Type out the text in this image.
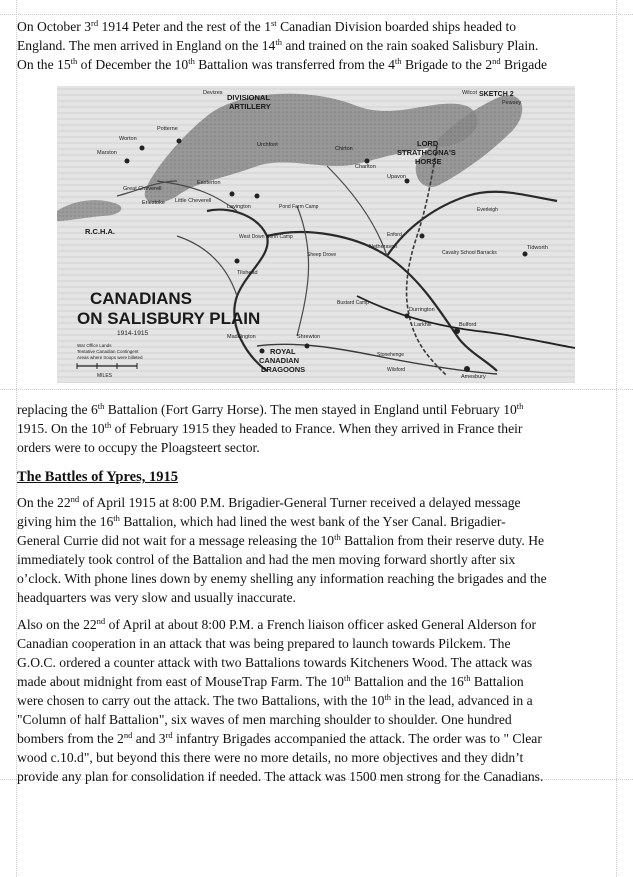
On October 3rd 1914 Peter and the rest of the 1st Canadian Division boarded ships headed to
England. The men arrived in England on the 14th and trained on the rain soaked Salisbury Plain.
On the 15th of December the 10th Battalion was transferred from the 4th Brigade to the 2nd Brigade
DIVISIONAL
ARTILLERY
SKETCH 2
LORD
STRATHCONA'S
HORSE
R.C.H.A.
ROYAL
CANADIAN
DRAGOONS
Devizes
Pewsey
Wilcot
Potterne
Worton
Marston
Easterton
Chirton
Charlton
Urchfont
Upavon
Great Cheverell
Little Cheverell
Erlestoke
Lavington
Tilshead
West Down North Camp
Pond Farm Camp
Bustard Camp
Netheravon
Cavalry School Barracks
Durrington
Larkhill	Bulford
Amesbury
Maddington	Shrewton
Tidworth
Enford
Stonehenge
Wilsford
Everleigh
Sheep Drove
CANADIANS
ON SALISBURY PLAIN
1914-1915
War Office Lands
Tentative Canadian Contingent
Areas where troops were billeted
MILES
replacing the 6th Battalion (Fort Garry Horse). The men stayed in England until February 10th
1915. On the 10th of February 1915 they headed to France. When they arrived in France their
orders were to occupy the Ploagsteert sector.
The Battles of Ypres, 1915
On the 22nd of April 1915 at 8:00 P.M. Brigadier-General Turner received a delayed message
giving him the 16th Battalion, which had lined the west bank of the Yser Canal. Brigadier-
General Currie did not wait for a message releasing the 10th Battalion from their reserve duty. He
immediately took control of the Battalion and had the men moving forward shortly after six
o’clock. With phone lines down by enemy shelling any information reaching the brigades and the
headquarters was very slow and usually inaccurate.
Also on the 22nd of April at about 8:00 P.M. a French liaison officer asked General Alderson for
Canadian cooperation in an attack that was being prepared to launch towards Pilckem. The
G.O.C. ordered a counter attack with two Battalions towards Kitcheners Wood. The attack was
made about midnight from east of MouseTrap Farm. The 10th Battalion and the 16th Battalion
were chosen to carry out the attack. The two Battalions, with the 10th in the lead, advanced in a
"Column of half Battalion", six waves of men marching shoulder to shoulder. One hundred
bombers from the 2nd and 3rd infantry Brigades accompanied the attack. The order was to " Clear
wood c.10.d", but beyond this there were no more details, no more objectives and they didn’t
provide any plan for consolidation if needed. The attack was 1500 men strong for the Canadians.
